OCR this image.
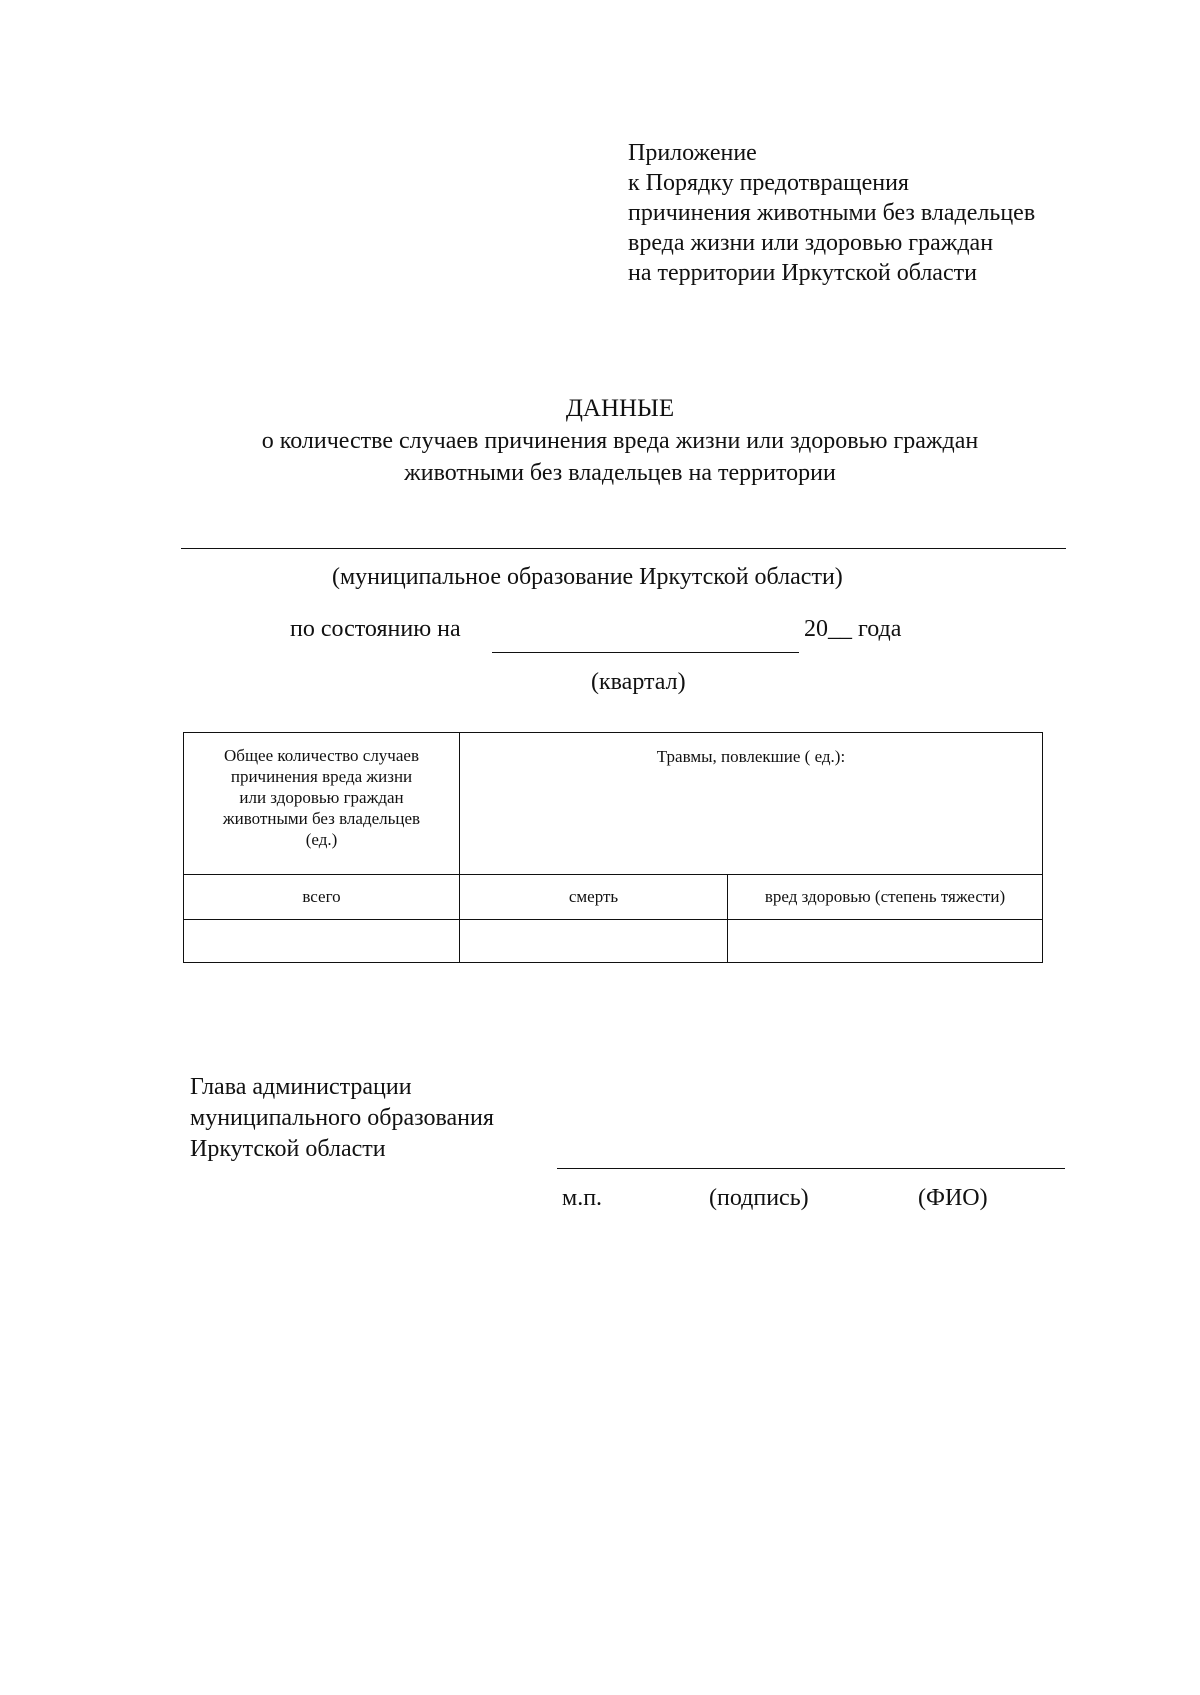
Приложение
к Порядку предотвращения
причинения животными без владельцев
вреда жизни или здоровью граждан
на территории Иркутской области
ДАННЫЕ
о количестве случаев причинения вреда жизни или здоровью граждан
животными без владельцев на территории
(муниципальное образование Иркутской области)
по состоянию на	20__ года
(квартал)
Общее количество случаев
причинения вреда жизни
или здоровью граждан
животными без владельцев
(ед.)	Травмы, повлекшие ( ед.):	
всего	смерть	вред здоровью (степень тяжести)

Глава администрации
муниципального образования
Иркутской области
м.п.	(подпись)	(ФИО)
